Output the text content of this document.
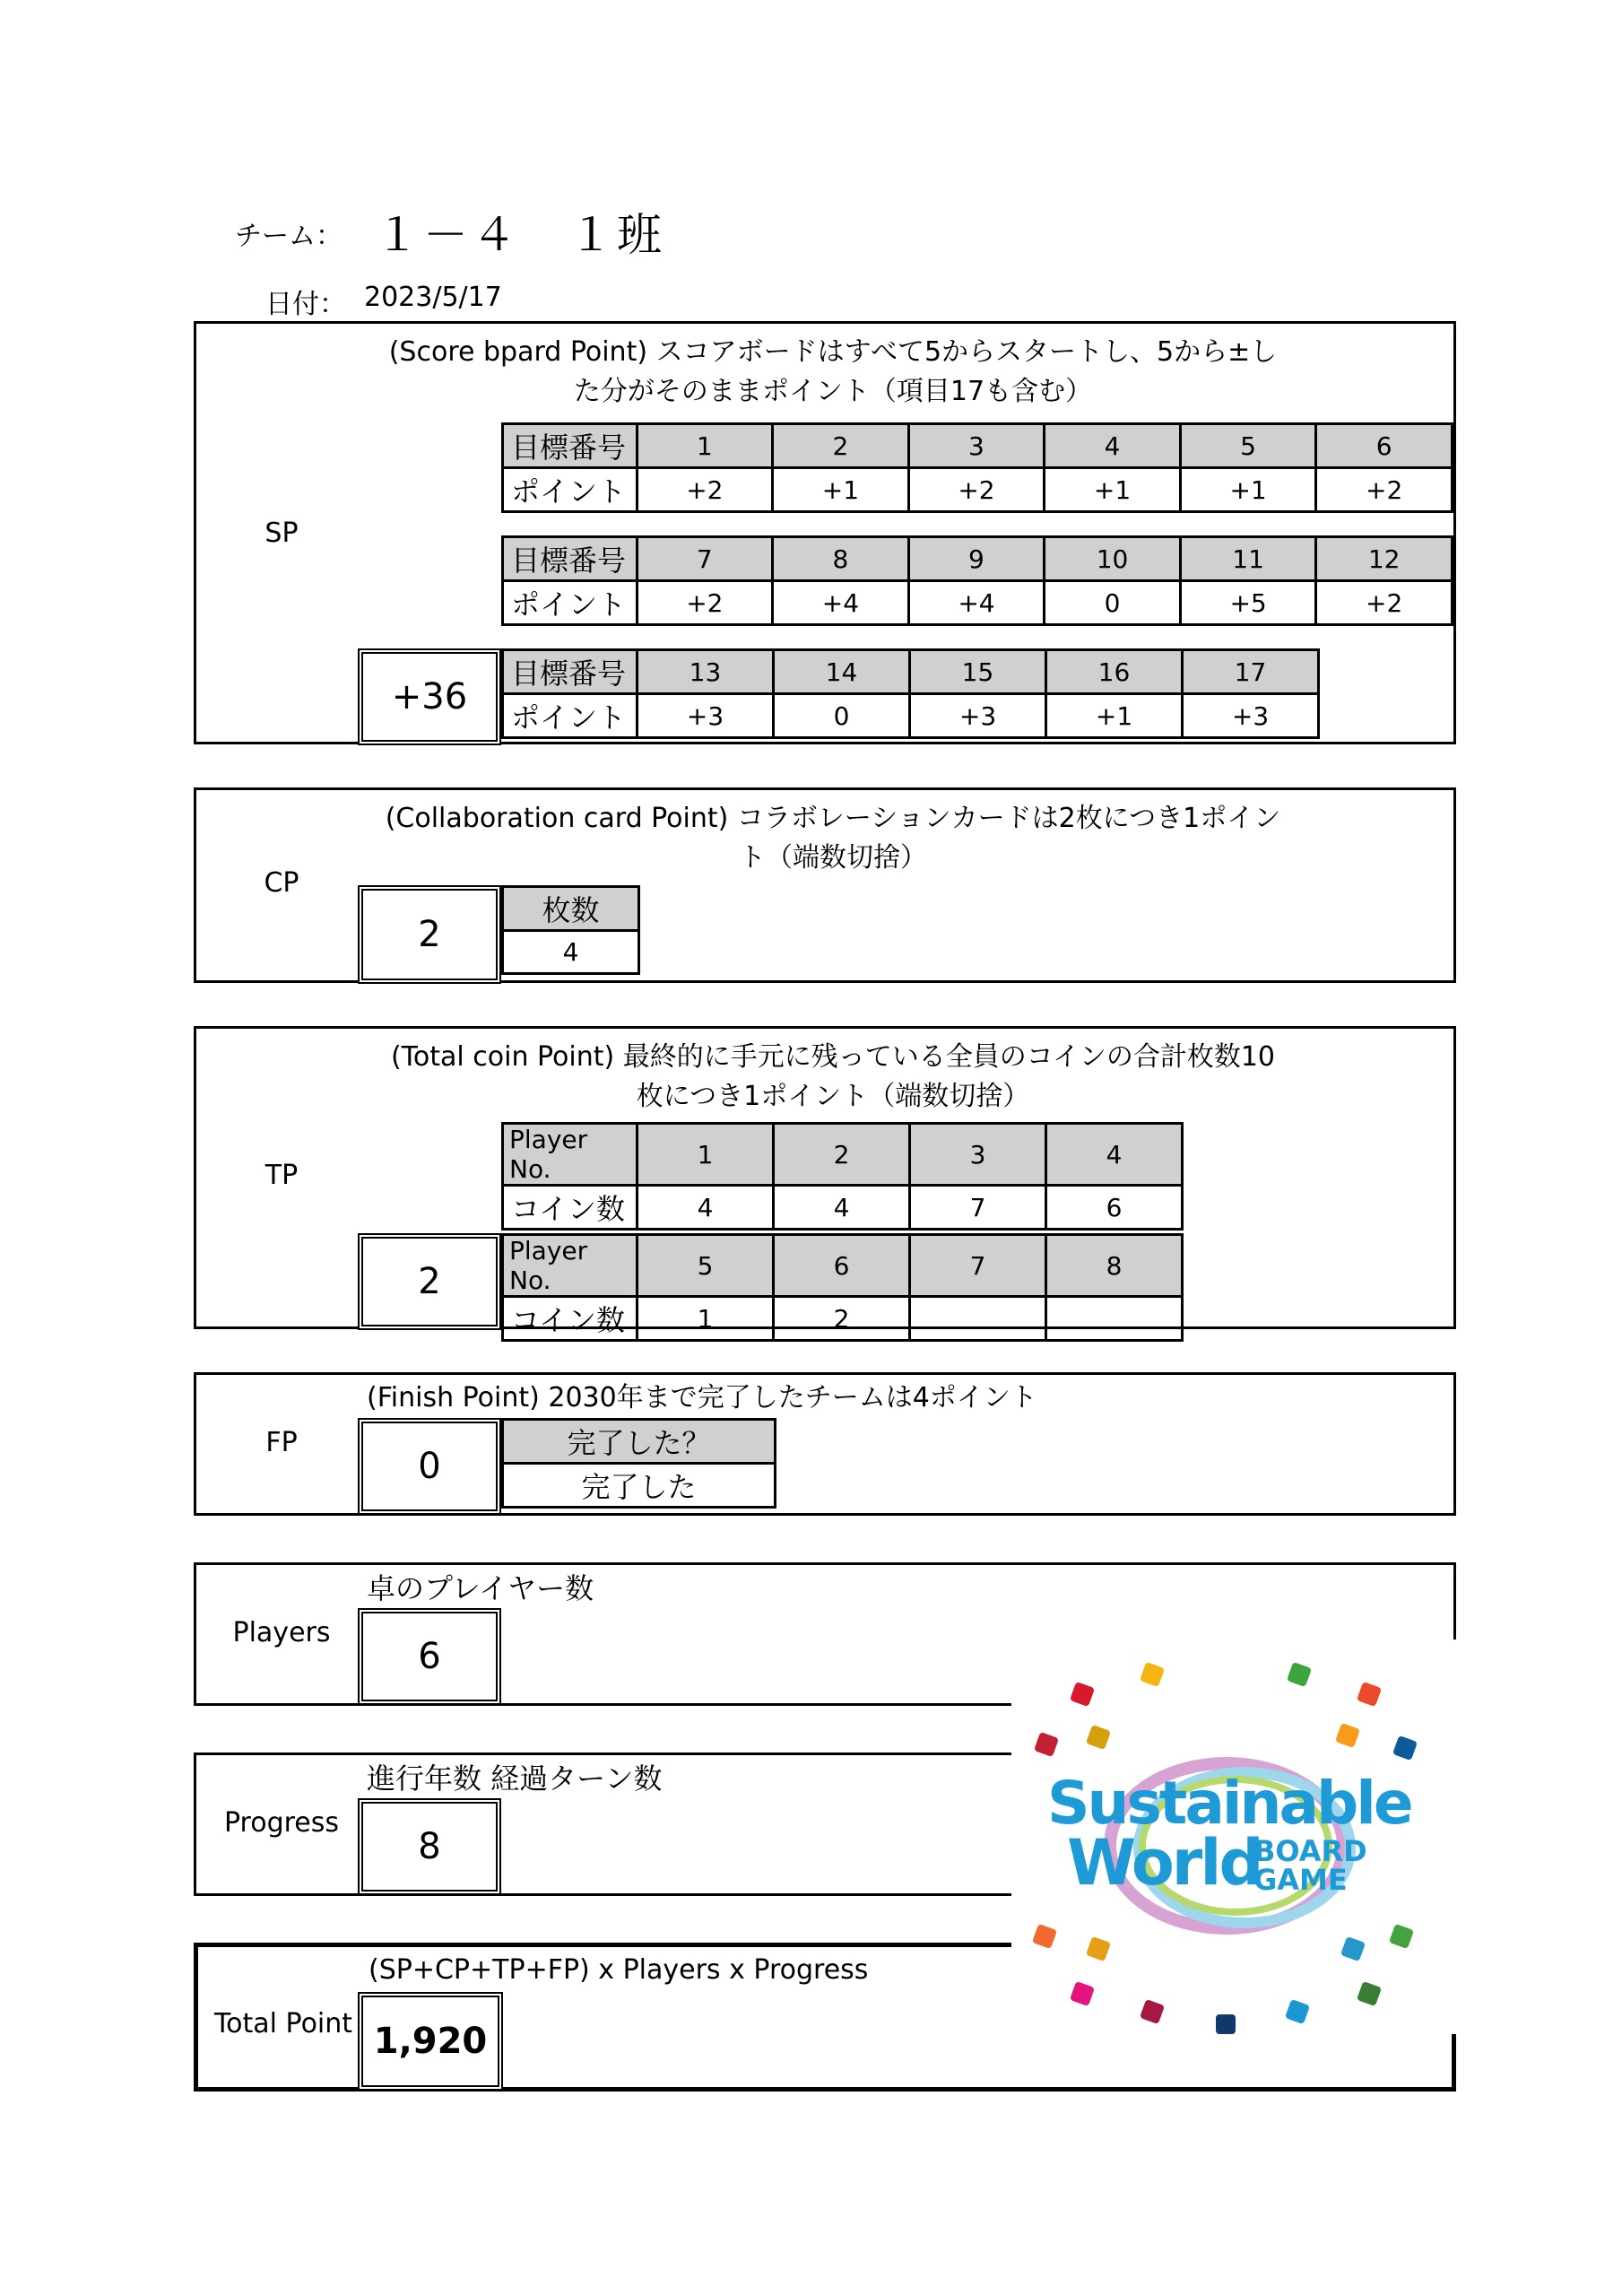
チーム： １－４　１班
日付： 2023/5/17
SP
(Score bpard Point) スコアボードはすべて5からスタートし、5から±し
た分がそのままポイント（項目17も含む）
目標番号	1	2	3	4	5	6
ポイント	+2	+1	+2	+1	+1	+2
目標番号	7	8	9	10	11	12
ポイント	+2	+4	+4	0	+5	+2
+36
目標番号	13	14	15	16	17
ポイント	+3	0	+3	+1	+3
CP
(Collaboration card Point) コラボレーションカードは2枚につき1ポイン
ト（端数切捨）
2
枚数
4
TP
(Total coin Point) 最終的に手元に残っている全員のコインの合計枚数10
枚につき1ポイント（端数切捨）
Player No.	1	2	3	4
コイン数	4	4	7	6
2
Player No.	5	6	7	8
コイン数	1	2		
FP
(Finish Point) 2030年まで完了したチームは4ポイント
0
完了した？
完了した
Players
卓のプレイヤー数
6
Progress
進行年数 経過ターン数
8
Total Point
(SP+CP+TP+FP) x Players x Progress
1,920
Sustainable
World
BOARD
GAME
